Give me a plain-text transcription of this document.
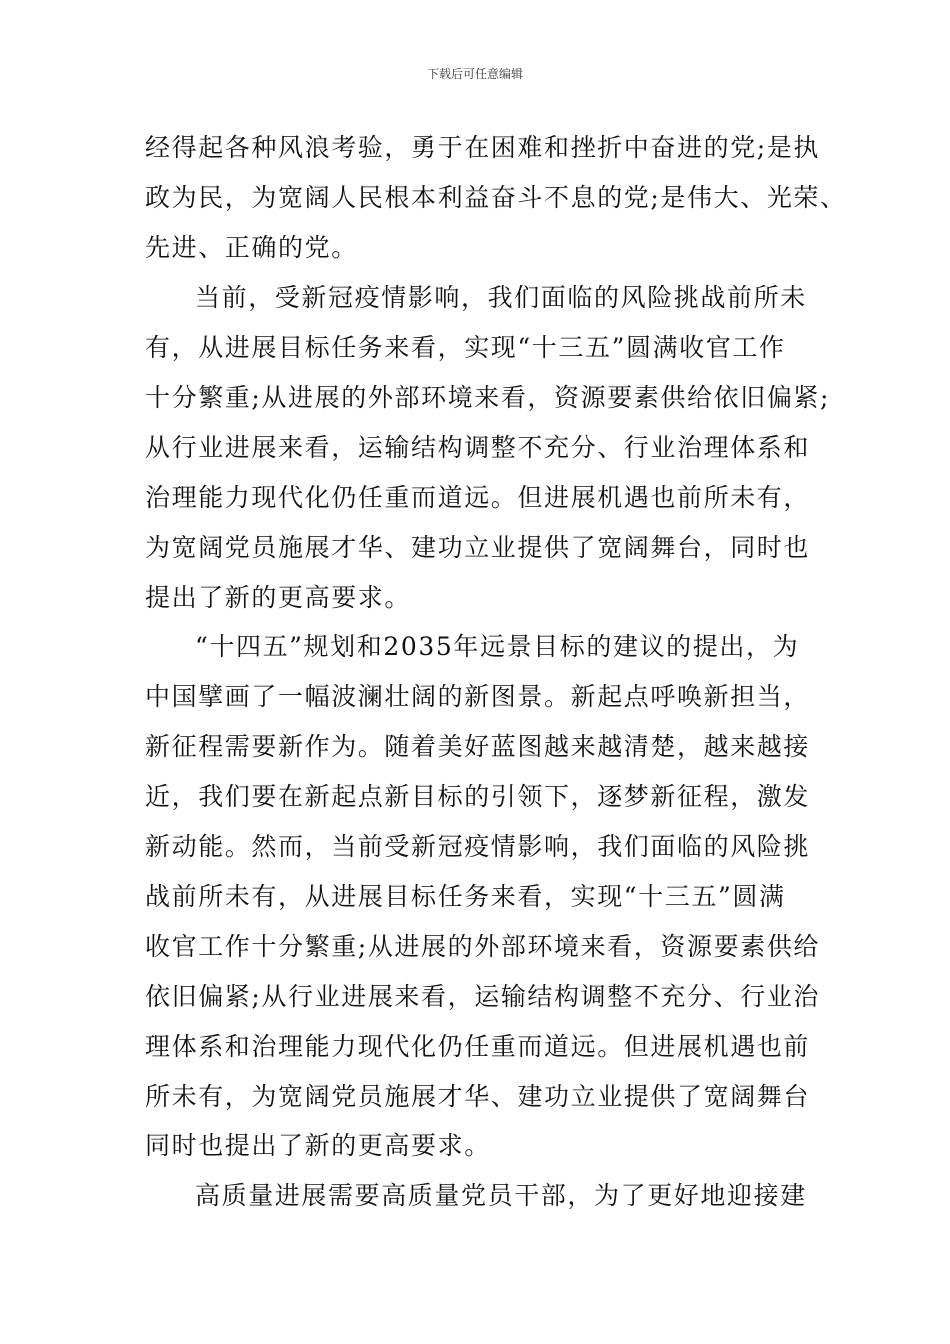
下载后可任意编辑
经得起各种风浪考验，勇于在困难和挫折中奋进的党;是执
政为民，为宽阔人民根本利益奋斗不息的党;是伟大、光荣、
先进、正确的党。
当前，受新冠疫情影响，我们面临的风险挑战前所未
有，从进展目标任务来看，实现“十三五”圆满收官工作
十分繁重;从进展的外部环境来看，资源要素供给依旧偏紧;
从行业进展来看，运输结构调整不充分、行业治理体系和
治理能力现代化仍任重而道远。但进展机遇也前所未有，
为宽阔党员施展才华、建功立业提供了宽阔舞台，同时也
提出了新的更高要求。
“十四五”规划和2035年远景目标的建议的提出，为
中国擘画了一幅波澜壮阔的新图景。新起点呼唤新担当，
新征程需要新作为。随着美好蓝图越来越清楚，越来越接
近，我们要在新起点新目标的引领下，逐梦新征程，激发
新动能。然而，当前受新冠疫情影响，我们面临的风险挑
战前所未有，从进展目标任务来看，实现“十三五”圆满
收官工作十分繁重;从进展的外部环境来看，资源要素供给
依旧偏紧;从行业进展来看，运输结构调整不充分、行业治
理体系和治理能力现代化仍任重而道远。但进展机遇也前
所未有，为宽阔党员施展才华、建功立业提供了宽阔舞台
同时也提出了新的更高要求。
高质量进展需要高质量党员干部，为了更好地迎接建
